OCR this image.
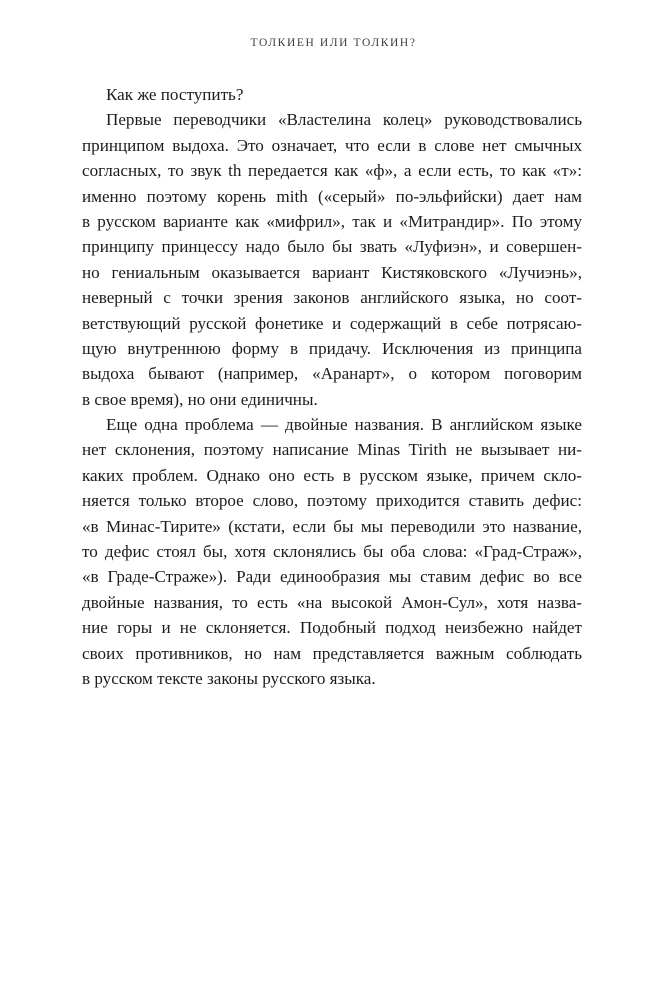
ТОЛКИЕН ИЛИ ТОЛКИН?
Как же поступить?
Первые переводчики «Властелина колец» руководствовались
принципом выдоха. Это означает, что если в слове нет смычных
согласных, то звук th передается как «ф», а если есть, то как «т»:
именно поэтому корень mith («серый» по-эльфийски) дает нам
в русском варианте как «мифрил», так и «Митрандир». По этому
принципу принцессу надо было бы звать «Луфиэн», и совершен-
но гениальным оказывается вариант Кистяковского «Лучиэнь»,
неверный с точки зрения законов английского языка, но соот-
ветствующий русской фонетике и содержащий в себе потрясаю-
щую внутреннюю форму в придачу. Исключения из принципа
выдоха бывают (например, «Аранарт», о котором поговорим
в свое время), но они единичны.
Еще одна проблема — двойные названия. В английском языке
нет склонения, поэтому написание Minas Tirith не вызывает ни-
каких проблем. Однако оно есть в русском языке, причем скло-
няется только второе слово, поэтому приходится ставить дефис:
«в Минас-Тирите» (кстати, если бы мы переводили это название,
то дефис стоял бы, хотя склонялись бы оба слова: «Град-Страж»,
«в Граде-Страже»). Ради единообразия мы ставим дефис во все
двойные названия, то есть «на высокой Амон-Сул», хотя назва-
ние горы и не склоняется. Подобный подход неизбежно найдет
своих противников, но нам представляется важным соблюдать
в русском тексте законы русского языка.
